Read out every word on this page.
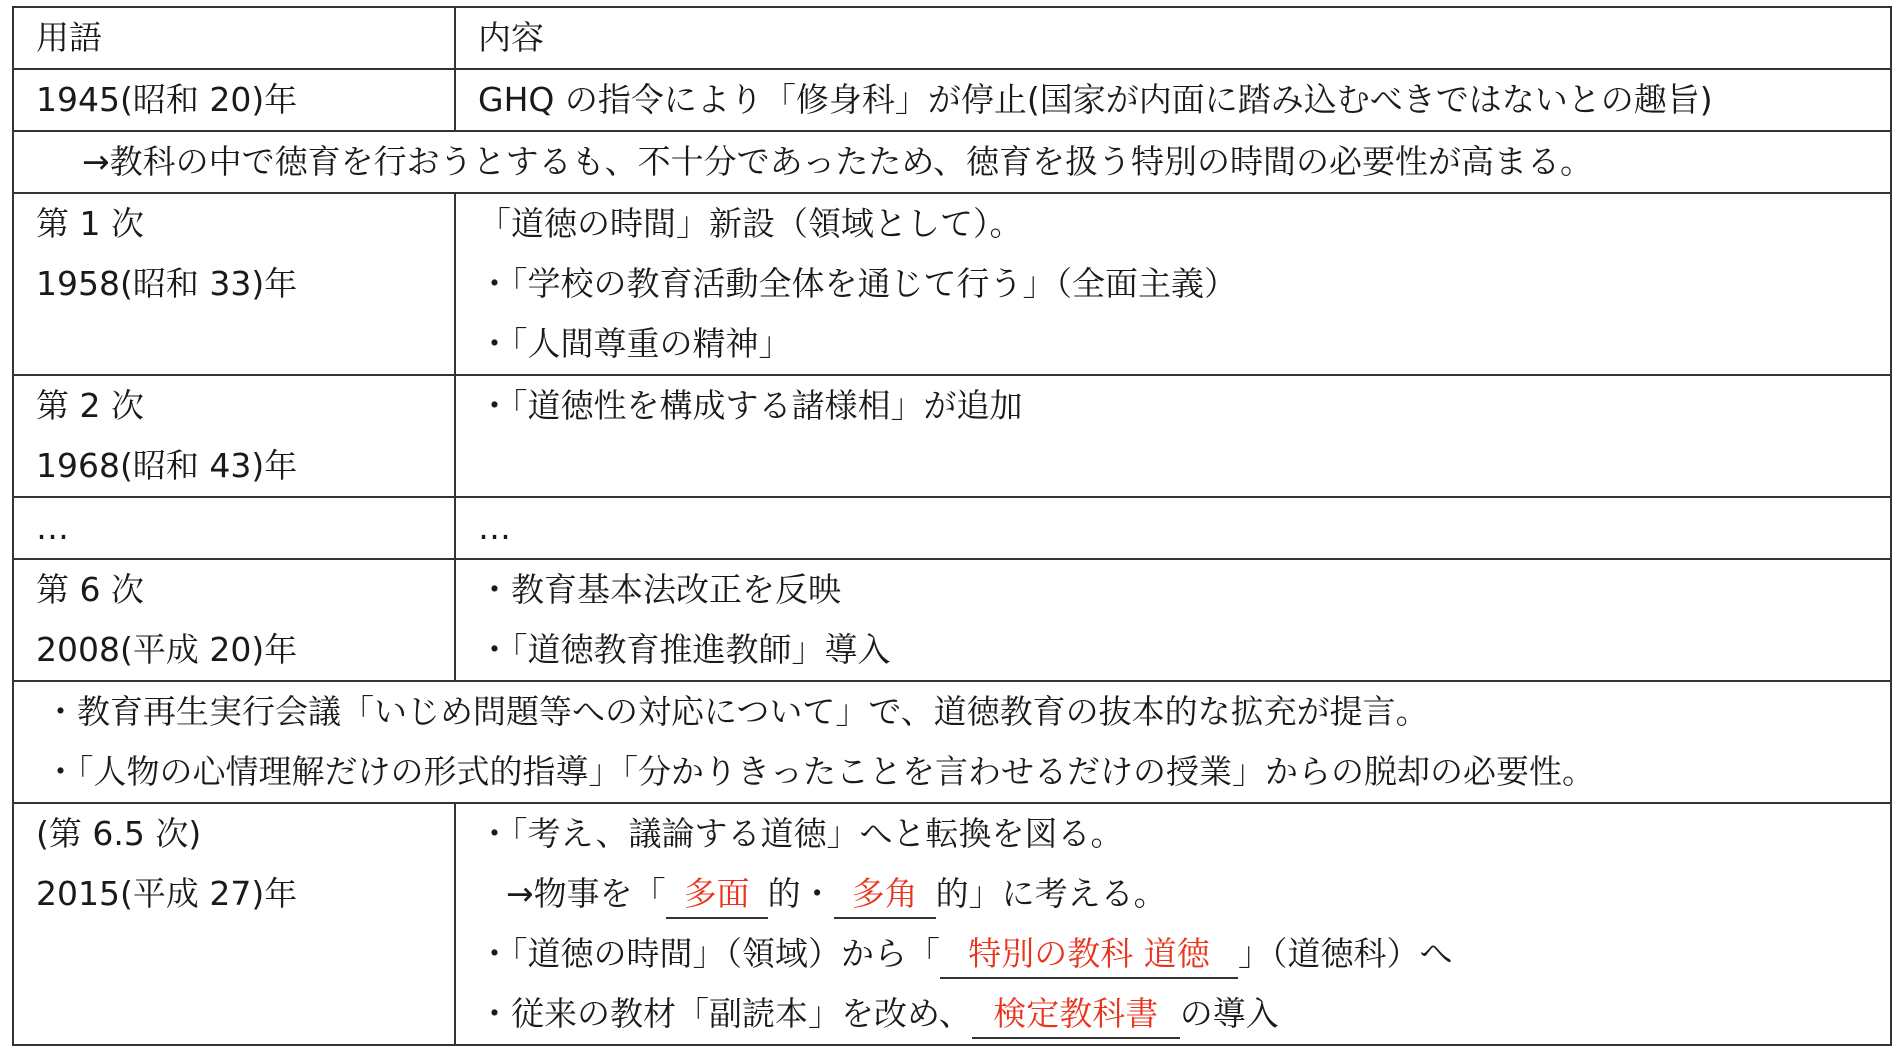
用語	内容

1945(昭和 20)年	GHQ の指令により「修身科」が停止(国家が内面に踏み込むべきではないとの趣旨)

→教科の中で徳育を行おうとするも、不十分であったため、徳育を扱う特別の時間の必要性が高まる。	

第 1 次
1958(昭和 33)年	「道徳の時間」新設（領域として）。
・「学校の教育活動全体を通じて行う」（全面主義）
・「人間尊重の精神」

第 2 次
1968(昭和 43)年	・「道徳性を構成する諸様相」が追加

…	…

第 6 次
2008(平成 20)年	・教育基本法改正を反映
・「道徳教育推進教師」導入

・教育再生実行会議「いじめ問題等への対応について」で、道徳教育の抜本的な拡充が提言。
・「人物の心情理解だけの形式的指導」「分かりきったことを言わせるだけの授業」からの脱却の必要性。	

(第 6.5 次)
2015(平成 27)年	・「考え、議論する道徳」へと転換を図る。
→物事を「 多面 的・ 多角 的」に考える。
・「道徳の時間」（領域）から「 特別の教科 道徳 」（道徳科）へ
・従来の教材「副読本」を改め、 検定教科書 の導入
